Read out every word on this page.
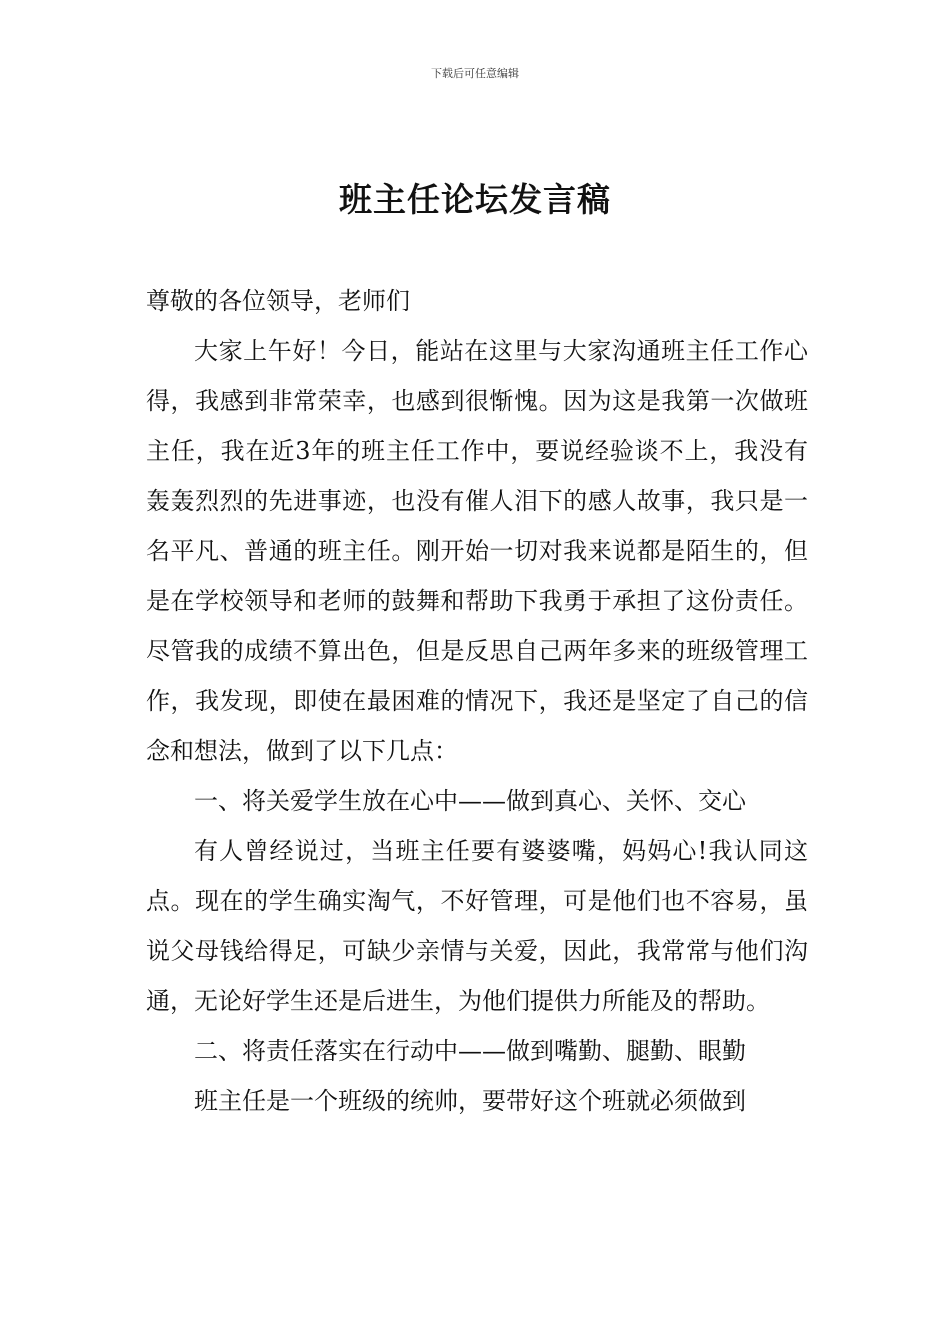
下载后可任意编辑
班主任论坛发言稿

尊敬的各位领导，老师们

大家上午好！今日，能站在这里与大家沟通班主任工作心得，我感到非常荣幸，也感到很惭愧。因为这是我第一次做班主任，我在近3年的班主任工作中，要说经验谈不上，我没有轰轰烈烈的先进事迹，也没有催人泪下的感人故事，我只是一名平凡、普通的班主任。刚开始一切对我来说都是陌生的，但是在学校领导和老师的鼓舞和帮助下我勇于承担了这份责任。尽管我的成绩不算出色，但是反思自己两年多来的班级管理工作，我发现，即使在最困难的情况下，我还是坚定了自己的信念和想法，做到了以下几点：

一、将关爱学生放在心中——做到真心、关怀、交心

有人曾经说过，当班主任要有婆婆嘴，妈妈心!我认同这点。现在的学生确实淘气，不好管理，可是他们也不容易，虽说父母钱给得足，可缺少亲情与关爱，因此，我常常与他们沟通，无论好学生还是后进生，为他们提供力所能及的帮助。

二、将责任落实在行动中——做到嘴勤、腿勤、眼勤

班主任是一个班级的统帅，要带好这个班就必须做到
